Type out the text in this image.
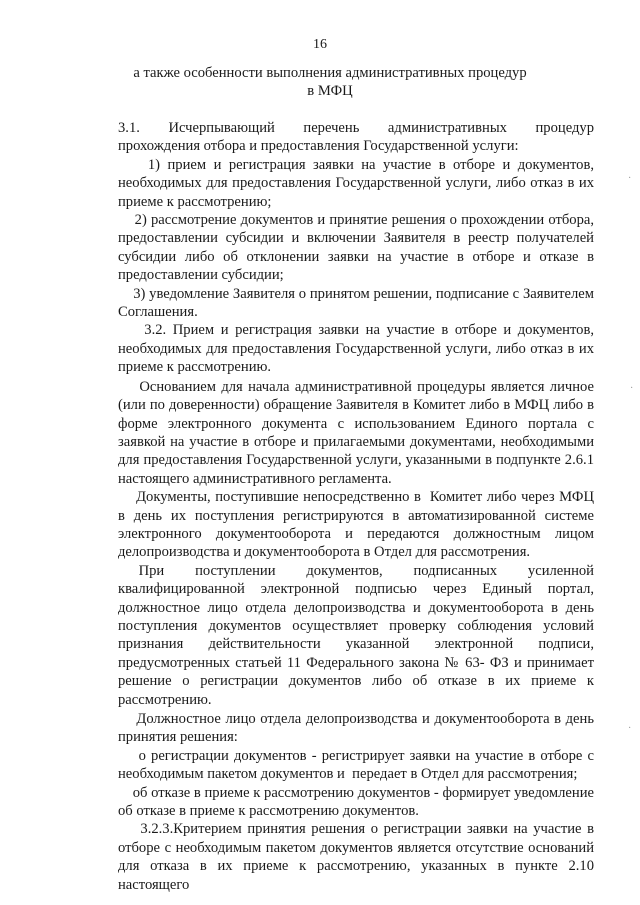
16
а также особенности выполнения административных процедур
в МФЦ

3.1.      Исчерпывающий      перечень      административных      процедур прохождения отбора и предоставления Государственной услуги:

1) прием и регистрация заявки на участие в отборе и документов, необходимых для предоставления Государственной услуги, либо отказ в их приеме к рассмотрению;

2) рассмотрение документов и принятие решения о прохождении отбора, предоставлении субсидии и включении Заявителя в реестр получателей субсидии либо об отклонении заявки на участие в отборе и отказе в предоставлении субсидии;

3) уведомление Заявителя о принятом решении, подписание с Заявителем Соглашения.

3.2. Прием и регистрация заявки на участие в отборе и документов, необходимых для предоставления Государственной услуги, либо отказ в их приеме к рассмотрению.

Основанием для начала административной процедуры является личное (или по доверенности) обращение Заявителя в Комитет либо в МФЦ либо в форме электронного документа с использованием Единого портала с заявкой на участие в отборе и прилагаемыми документами, необходимыми для предоставления Государственной услуги, указанными в подпункте 2.6.1 настоящего административного регламента.

Документы, поступившие непосредственно в  Комитет либо через МФЦ в день их поступления регистрируются в автоматизированной системе электронного документооборота и передаются должностным лицом делопроизводства и документооборота в Отдел для рассмотрения.

При      поступлении      документов,      подписанных      усиленной квалифицированной электронной подписью через Единый портал, должностное лицо отдела делопроизводства и документооборота в день поступления документов осуществляет проверку соблюдения условий признания действительности указанной электронной подписи, предусмотренных статьей 11 Федерального закона № 63- ФЗ и принимает решение о регистрации документов либо об отказе в их приеме к рассмотрению.

Должностное лицо отдела делопроизводства и документооборота в день принятия решения:

о регистрации документов - регистрирует заявки на участие в отборе с необходимым пакетом документов и  передает в Отдел для рассмотрения;

об отказе в приеме к рассмотрению документов - формирует уведомление об отказе в приеме к рассмотрению документов.

3.2.3.Критерием принятия решения о регистрации заявки на участие в отборе с необходимым пакетом документов является отсутствие оснований для отказа в их приеме к рассмотрению, указанных в пункте 2.10 настоящего

·
·
·
